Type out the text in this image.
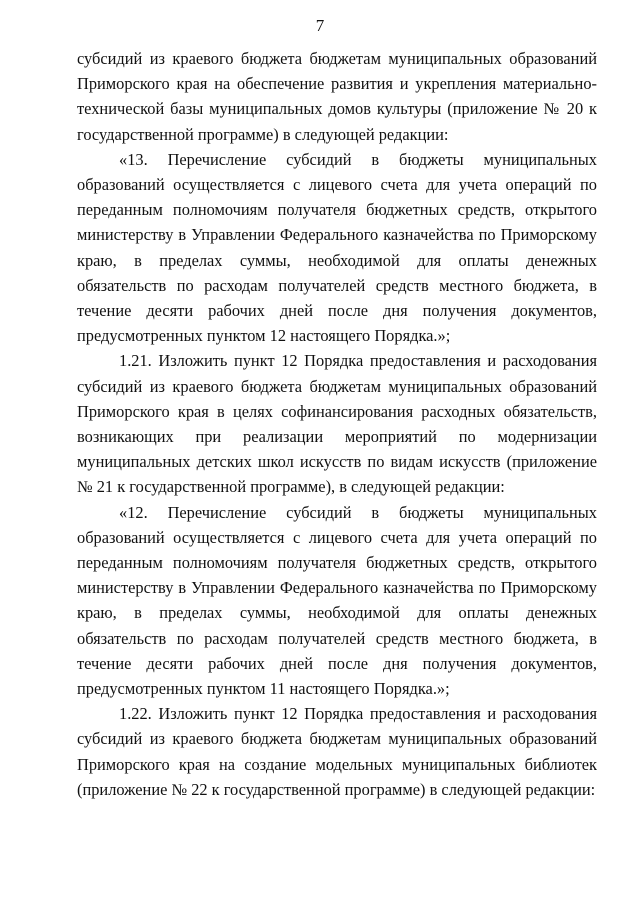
7

субсидий из краевого бюджета бюджетам муниципальных образований Приморского края на обеспечение развития и укрепления материально-технической базы муниципальных домов культуры (приложение № 20 к государственной программе) в следующей редакции:

«13. Перечисление субсидий в бюджеты муниципальных образований осуществляется с лицевого счета для учета операций по переданным полномочиям получателя бюджетных средств, открытого министерству в Управлении Федерального казначейства по Приморскому краю, в пределах суммы, необходимой для оплаты денежных обязательств по расходам получателей средств местного бюджета, в течение десяти рабочих дней после дня получения документов, предусмотренных пунктом 12 настоящего Порядка.»;

1.21. Изложить пункт 12 Порядка предоставления и расходования субсидий из краевого бюджета бюджетам муниципальных образований Приморского края в целях софинансирования расходных обязательств, возникающих при реализации мероприятий по модернизации муниципальных детских школ искусств по видам искусств (приложение № 21 к государственной программе), в следующей редакции:

«12. Перечисление субсидий в бюджеты муниципальных образований осуществляется с лицевого счета для учета операций по переданным полномочиям получателя бюджетных средств, открытого министерству в Управлении Федерального казначейства по Приморскому краю, в пределах суммы, необходимой для оплаты денежных обязательств по расходам получателей средств местного бюджета, в течение десяти рабочих дней после дня получения документов, предусмотренных пунктом 11 настоящего Порядка.»;

1.22. Изложить пункт 12 Порядка предоставления и расходования субсидий из краевого бюджета бюджетам муниципальных образований Приморского края на создание модельных муниципальных библиотек (приложение № 22 к государственной программе) в следующей редакции:
